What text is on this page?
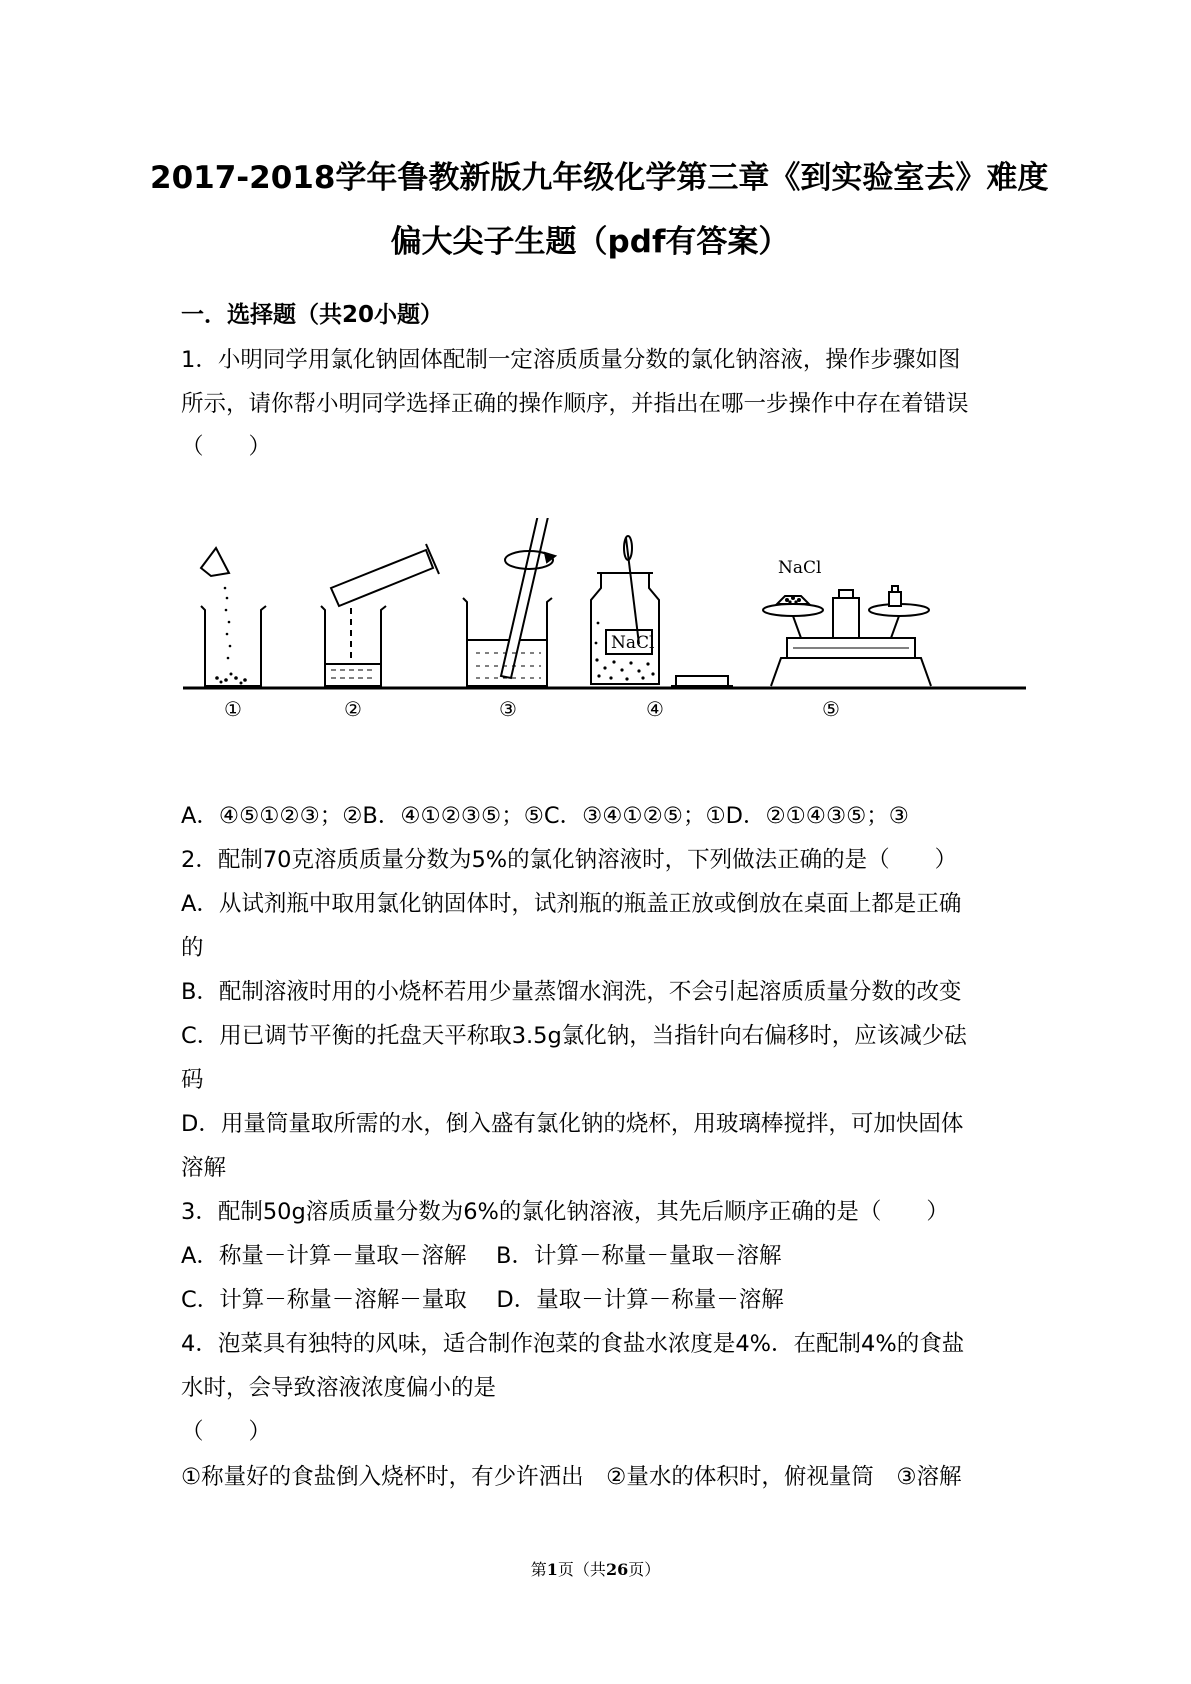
2017-2018学年鲁教新版九年级化学第三章《到实验室去》难度
偏大尖子生题（pdf有答案）
一．选择题（共20小题）
1．小明同学用氯化钠固体配制一定溶质质量分数的氯化钠溶液，操作步骤如图
所示，请你帮小明同学选择正确的操作顺序，并指出在哪一步操作中存在着错误
（　　）
NaCl
NaCl
①	②	③	④	⑤
A．④⑤①②③；②B．④①②③⑤；⑤C．③④①②⑤；①D．②①④③⑤；③
2．配制70克溶质质量分数为5%的氯化钠溶液时，下列做法正确的是（　　）
A．从试剂瓶中取用氯化钠固体时，试剂瓶的瓶盖正放或倒放在桌面上都是正确
的
B．配制溶液时用的小烧杯若用少量蒸馏水润洗，不会引起溶质质量分数的改变
C．用已调节平衡的托盘天平称取3.5g氯化钠，当指针向右偏移时，应该减少砝
码
D．用量筒量取所需的水，倒入盛有氯化钠的烧杯，用玻璃棒搅拌，可加快固体
溶解
3．配制50g溶质质量分数为6%的氯化钠溶液，其先后顺序正确的是（　　）
A．称量－计算－量取－溶解　 B．计算－称量－量取－溶解
C．计算－称量－溶解－量取　 D．量取－计算－称量－溶解
4．泡菜具有独特的风味，适合制作泡菜的食盐水浓度是4%．在配制4%的食盐
水时，会导致溶液浓度偏小的是
（　　）
①称量好的食盐倒入烧杯时，有少许洒出　②量水的体积时，俯视量筒　③溶解
第1页（共26页）
